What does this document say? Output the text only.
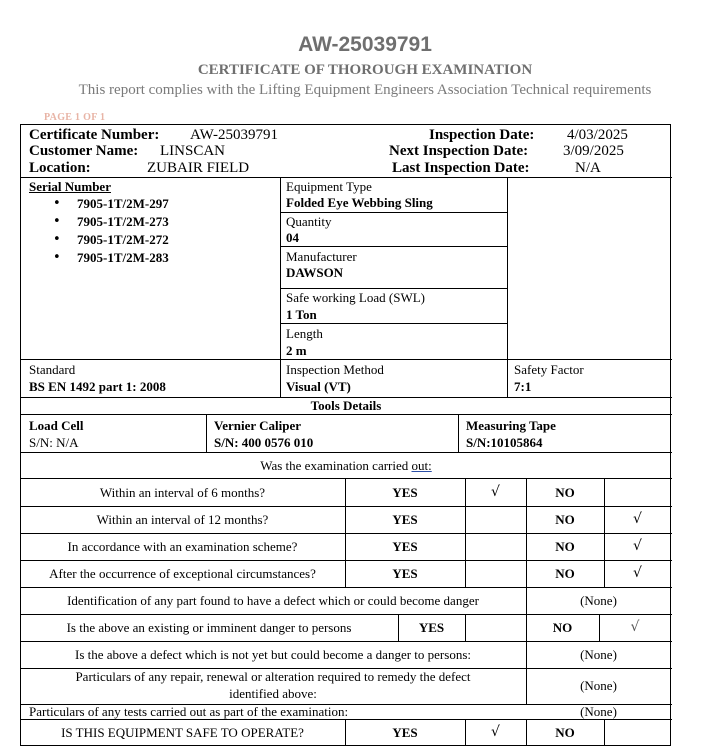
AW-25039791
CERTIFICATE OF THOROUGH EXAMINATION
This report complies with the Lifting Equipment Engineers Association Technical requirements
PAGE 1 OF 1
Certificate Number: AW-25039791
Customer Name: LINSCAN
Location:	ZUBAIR FIELD
Inspection Date: 4/03/2025
Next Inspection Date: 3/09/2025
Last Inspection Date:	N/A
Serial Number
• 7905-1T/2M-297
• 7905-1T/2M-273
• 7905-1T/2M-272
• 7905-1T/2M-283
Equipment Type
Folded Eye Webbing Sling
Quantity
04
Manufacturer
DAWSON
Safe working Load (SWL)
1 Ton
Length
2 m
Standard
BS EN 1492 part 1: 2008
Inspection Method
Visual (VT)
Safety Factor
7:1
Tools Details
Load Cell
S/N: N/A
Vernier Caliper
S/N: 400 0576 010
Measuring Tape
S/N:10105864
Was the examination carried out:
Within an interval of 6 months?	YES	√	NO
Within an interval of 12 months?	YES	NO	√
In accordance with an examination scheme?	YES	NO	√
After the occurrence of exceptional circumstances?	YES	NO	√
Identification of any part found to have a defect which or could become danger	(None)
Is the above an existing or imminent danger to persons	YES	NO	√
Is the above a defect which is not yet but could become a danger to persons:	(None)
Particulars of any repair, renewal or alteration required to remedy the defect
identified above:
(None)
Particulars of any tests carried out as part of the examination:	(None)
IS THIS EQUIPMENT SAFE TO OPERATE?	YES	√	NO
